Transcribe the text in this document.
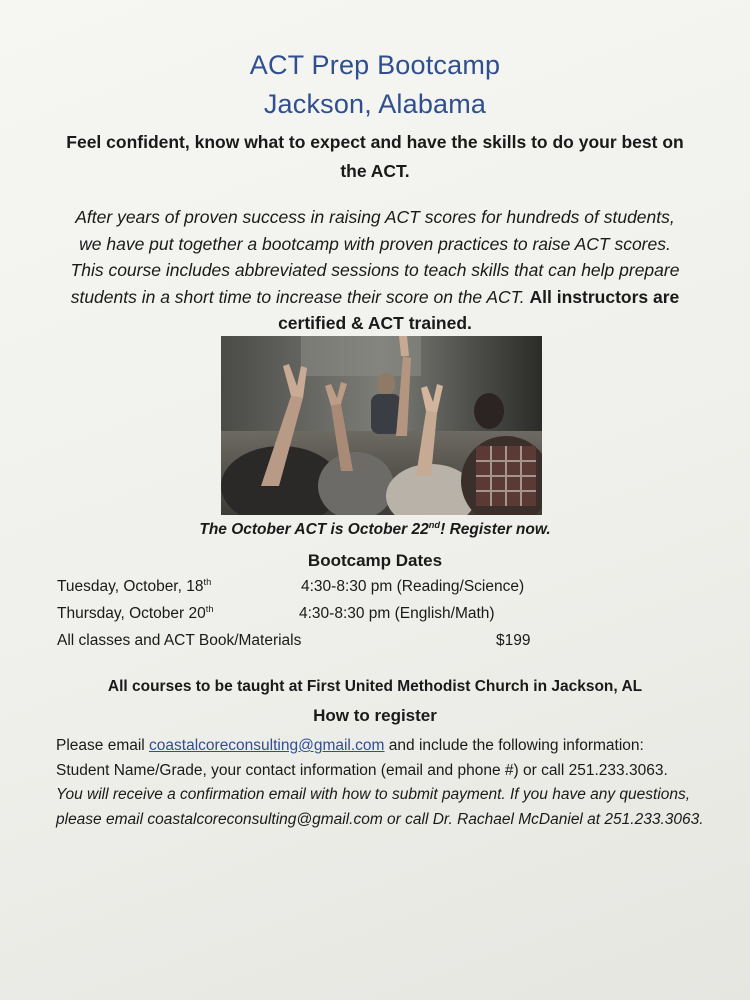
ACT Prep Bootcamp
Jackson, Alabama
Feel confident, know what to expect and have the skills to do your best on the ACT.
After years of proven success in raising ACT scores for hundreds of students, we have put together a bootcamp with proven practices to raise ACT scores. This course includes abbreviated sessions to teach skills that can help prepare students in a short time to increase their score on the ACT. All instructors are certified & ACT trained.
The October ACT is October 22nd! Register now.
Bootcamp Dates
Tuesday, October, 18th	4:30-8:30 pm (Reading/Science)
Thursday, October 20th	4:30-8:30 pm (English/Math)
All classes and ACT Book/Materials	$199
All courses to be taught at First United Methodist Church in Jackson, AL
How to register

Please email coastalcoreconsulting@gmail.com and include the following information:

Student Name/Grade, your contact information (email and phone #) or call 251.233.3063.

You will receive a confirmation email with how to submit payment. If you have any questions, please email coastalcoreconsulting@gmail.com or call Dr. Rachael McDaniel at 251.233.3063.
